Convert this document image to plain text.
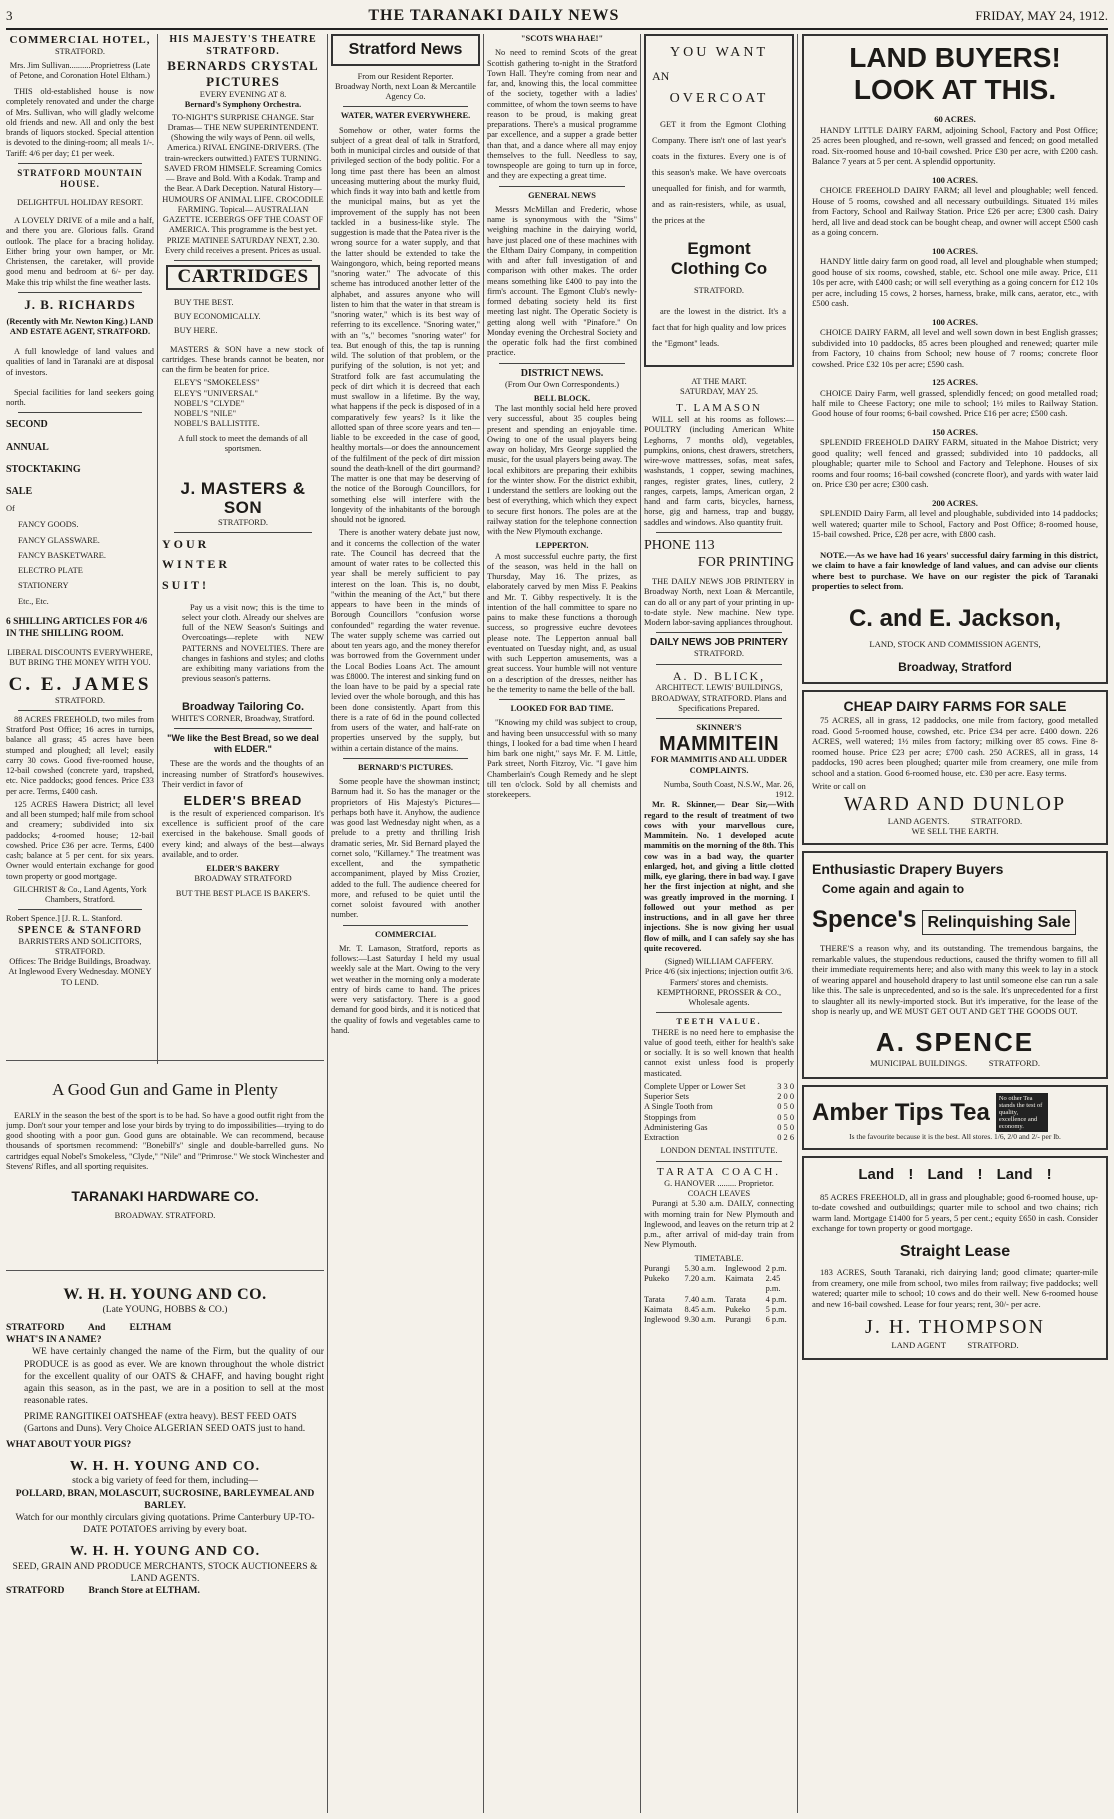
3	THE TARANAKI DAILY NEWS	FRIDAY, MAY 24, 1912.
COMMERCIAL HOTEL,
STRATFORD.
Mrs. Jim Sullivan..........Proprietress (Late of Petone, and Coronation Hotel Eltham.)
THIS old-established house is now completely renovated and under the charge of Mrs. Sullivan, who will gladly welcome old friends and new. All and only the best brands of liquors stocked. Special attention is devoted to the dining-room; all meals 1/-. Tariff: 4/6 per day; £1 per week.
STRATFORD MOUNTAIN HOUSE.
DELIGHTFUL HOLIDAY RESORT.
A LOVELY DRIVE of a mile and a half, and there you are. Glorious falls. Grand outlook. The place for a bracing holiday. Either bring your own hamper, or Mr. Christensen, the caretaker, will provide good menu and bedroom at 6/- per day. Make this trip whilst the fine weather lasts.
J. B. RICHARDS
(Recently with Mr. Newton King.) LAND AND ESTATE AGENT, STRATFORD.
A full knowledge of land values and qualities of land in Taranaki are at disposal of investors.
Special facilities for land seekers going north.
SECOND
ANNUAL
STOCKTAKING
SALE
Of
FANCY GOODS.
FANCY GLASSWARE.
FANCY BASKETWARE.
ELECTRO PLATE
STATIONERY
Etc., Etc.
6 SHILLING ARTICLES FOR 4/6 IN THE SHILLING ROOM.
LIBERAL DISCOUNTS EVERYWHERE, BUT BRING THE MONEY WITH YOU.
C. E. JAMES
STRATFORD.
88 ACRES FREEHOLD, two miles from Stratford Post Office; 16 acres in turnips, balance all grass; 45 acres have been stumped and ploughed; all level; easily carry 30 cows. Good five-roomed house, 12-bail cowshed (concrete yard, trapshed, etc. Nice paddocks; good fences. Price £33 per acre. Terms, £400 cash.
125 ACRES Hawera District; all level and all been stumped; half mile from school and creamery; subdivided into six paddocks; 4-roomed house; 12-bail cowshed. Price £36 per acre. Terms, £400 cash; balance at 5 per cent. for six years. Owner would entertain exchange for good town property or good mortgage.
GILCHRIST & Co., Land Agents, York Chambers, Stratford.
Robert Spence.] [J. R. L. Stanford.
SPENCE & STANFORD
BARRISTERS AND SOLICITORS, STRATFORD.
Offices: The Bridge Buildings, Broadway. At Inglewood Every Wednesday. MONEY TO LEND.
HIS MAJESTY'S THEATRE STRATFORD.
BERNARDS CRYSTAL PICTURES
EVERY EVENING AT 8.
Bernard's Symphony Orchestra.
TO-NIGHT'S SURPRISE CHANGE. Star Dramas— THE NEW SUPERINTENDENT. (Showing the wily ways of Penn. oil wells, America.) RIVAL ENGINE-DRIVERS. (The train-wreckers outwitted.) FATE'S TURNING. SAVED FROM HIMSELF. Screaming Comics— Brave and Bold. With a Kodak. Tramp and the Bear. A Dark Deception. Natural History— HUMOURS OF ANIMAL LIFE. CROCODILE FARMING. Topical— AUSTRALIAN GAZETTE. ICEBERGS OFF THE COAST OF AMERICA. This programme is the best yet. PRIZE MATINEE SATURDAY NEXT, 2.30. Every child receives a present. Prices as usual.
CARTRIDGES
BUY THE BEST.
BUY ECONOMICALLY.
BUY HERE.
MASTERS & SON have a new stock of cartridges. These brands cannot be beaten, nor can the firm be beaten for price.
ELEY'S "SMOKELESS"
ELEY'S "UNIVERSAL"
NOBEL'S "CLYDE"
NOBEL'S "NILE"
NOBEL'S BALLISTITE.
A full stock to meet the demands of all sportsmen.
J. MASTERS & SON
STRATFORD.
YOUR
WINTER
SUIT!
Pay us a visit now; this is the time to select your cloth. Already our shelves are full of the NEW Season's Suitings and Overcoatings—replete with NEW PATTERNS and NOVELTIES. There are changes in fashions and styles; and cloths are exhibiting many variations from the previous season's patterns.
Broadway Tailoring Co.
WHITE'S CORNER, Broadway, Stratford.
"We like the Best Bread, so we deal with ELDER."
These are the words and the thoughts of an increasing number of Stratford's housewives. Their verdict in favor of
ELDER'S BREAD
is the result of experienced comparison. It's excellence is sufficient proof of the care exercised in the bakehouse. Small goods of every kind; and always of the best—always available, and to order.
ELDER'S BAKERY
BROADWAY STRATFORD
BUT THE BEST PLACE IS BAKER'S.
A Good Gun and Game in Plenty
EARLY in the season the best of the sport is to be had. So have a good outfit right from the jump. Don't sour your temper and lose your birds by trying to do impossibilities—trying to do good shooting with a poor gun. Good guns are obtainable. We can recommend, because thousands of sportsmen recommend: "Bonebill's" single and double-barrelled guns. No cartridges equal Nobel's Smokeless, "Clyde," "Nile" and "Primrose." We stock Winchester and Stevens' Rifles, and all sporting requisites.
TARANAKI HARDWARE CO.
BROADWAY. STRATFORD.
W. H. H. YOUNG AND CO.
(Late YOUNG, HOBBS & CO.)
STRATFORD          And          ELTHAM
WHAT'S IN A NAME?
WE have certainly changed the name of the Firm, but the quality of our PRODUCE is as good as ever. We are known throughout the whole district for the excellent quality of our OATS & CHAFF, and having bought right again this season, as in the past, we are in a position to sell at the most reasonable rates.
PRIME RANGITIKEI OATSHEAF (extra heavy). BEST FEED OATS (Gartons and Duns). Very Choice ALGERIAN SEED OATS just to hand.
WHAT ABOUT YOUR PIGS?
W. H. H. YOUNG AND CO.
stock a big variety of feed for them, including—
POLLARD, BRAN, MOLASCUIT, SUCROSINE, BARLEYMEAL AND BARLEY.
Watch for our monthly circulars giving quotations. Prime Canterbury UP-TO-DATE POTATOES arriving by every boat.
W. H. H. YOUNG AND CO.
SEED, GRAIN AND PRODUCE MERCHANTS, STOCK AUCTIONEERS & LAND AGENTS.
STRATFORD          Branch Store at ELTHAM.
Stratford News
From our Resident Reporter.
Broadway North, next Loan & Mercantile Agency Co.
WATER, WATER EVERYWHERE.
Somehow or other, water forms the subject of a great deal of talk in Stratford, both in municipal circles and outside of that privileged section of the body politic. For a long time past there has been an almost unceasing muttering about the murky fluid, which finds it way into bath and kettle from the municipal mains, but as yet the improvement of the supply has not been tackled in a business-like style. The suggestion is made that the Patea river is the wrong source for a water supply, and that the latter should be extended to take the Waingongoro, which, being reported means "snoring water." The advocate of this scheme has introduced another letter of the alphabet, and assures anyone who will listen to him that the water in that stream is "snoring water," which is its best way of referring to its excellence. "Snoring water," with an "s," becomes "snoring water" for tea. But enough of this, the tap is running wild. The solution of that problem, or the purifying of the solution, is not yet; and Stratford folk are fast accumulating the peck of dirt which it is decreed that each must swallow in a lifetime. By the way, what happens if the peck is disposed of in a comparatively few years? Is it like the allotted span of three score years and ten—liable to be exceeded in the case of good, healthy mortals—or does the announcement of the fulfilment of the peck of dirt mission sound the death-knell of the dirt gourmand? The matter is one that may be deserving of the notice of the Borough Councillors, for something else will interfere with the longevity of the inhabitants of the borough should not be ignored.
There is another watery debate just now, and it concerns the collection of the water rate. The Council has decreed that the amount of water rates to be collected this year shall be merely sufficient to pay interest on the loan. This is, no doubt, "within the meaning of the Act," but there appears to have been in the minds of Borough Councillors "confusion worse confounded" regarding the water revenue. The water supply scheme was carried out about ten years ago, and the money therefor was borrowed from the Government under the Local Bodies Loans Act. The amount was £8000. The interest and sinking fund on the loan have to be paid by a special rate levied over the whole borough, and this has been done consistently. Apart from this there is a rate of 6d in the pound collected from users of the water, and half-rate on properties unserved by the supply, but within a certain distance of the mains.
BERNARD'S PICTURES.
Some people have the showman instinct; Barnum had it. So has the manager or the proprietors of His Majesty's Pictures—perhaps both have it. Anyhow, the audience was good last Wednesday night when, as a prelude to a pretty and thrilling Irish dramatic series, Mr. Sid Bernard played the cornet solo, "Killarney." The treatment was excellent, and the sympathetic accompaniment, played by Miss Crozier, added to the full. The audience cheered for more, and refused to be quiet until the cornet soloist favoured with another number.
COMMERCIAL
Mr. T. Lamason, Stratford, reports as follows:—Last Saturday I held my usual weekly sale at the Mart. Owing to the very wet weather in the morning only a moderate entry of birds came to hand. The prices were very satisfactory. There is a good demand for good birds, and it is noticed that the quality of fowls and vegetables came to hand.
"SCOTS WHA HAE!"
No need to remind Scots of the great Scottish gathering to-night in the Stratford Town Hall. They're coming from near and far, and, knowing this, the local committee of the society, together with a ladies' committee, of whom the town seems to have reason to be proud, is making great preparations. There's a musical programme par excellence, and a supper a grade better than that, and a dance where all may enjoy themselves to the full. Needless to say, townspeople are going to turn up in force, and they are expecting a great time.
GENERAL NEWS
Messrs McMillan and Frederic, whose name is synonymous with the "Sims" weighing machine in the dairying world, have just placed one of these machines with the Eltham Dairy Company, in competition with and after full investigation of and comparison with other makes. The order means something like £400 to pay into the firm's account. The Egmont Club's newly-formed debating society held its first meeting last night. The Operatic Society is getting along well with "Pinafore." On Monday evening the Orchestral Society and the operatic folk had the first combined practice.
DISTRICT NEWS.
(From Our Own Correspondents.)
BELL BLOCK.
The last monthly social held here proved very successful, about 35 couples being present and spending an enjoyable time. Owing to one of the usual players being away on holiday, Mrs George supplied the music, for the usual players being away. The local exhibitors are preparing their exhibits for the winter show. For the district exhibit, I understand the settlers are looking out the best of everything, which which they expect to secure first honors. The poles are at the railway station for the telephone connection with the New Plymouth exchange.
LEPPERTON.
A most successful euchre party, the first of the season, was held in the hall on Thursday, May 16. The prizes, as elaborately carved by men Miss F. Peakins and Mr. T. Gibby respectively. It is the intention of the hall committee to spare no pains to make these functions a thorough success, so progressive euchre devotees please note. The Lepperton annual ball eventuated on Tuesday night, and, as usual with such Lepperton amusements, was a great success. Your humble will not venture on a description of the dresses, neither has he the temerity to name the belle of the ball.
LOOKED FOR BAD TIME.
"Knowing my child was subject to croup, and having been unsuccessful with so many things, I looked for a bad time when I heard him bark one night," says Mr. F. M. Little, Park street, North Fitzroy, Vic. "I gave him Chamberlain's Cough Remedy and he slept till ten o'clock. Sold by all chemists and storekeepers.
YOU WANT
AN
OVERCOAT
GET it from the Egmont Clothing Company. There isn't one of last year's coats in the fixtures. Every one is of this season's make. We have overcoats unequalled for finish, and for warmth, and as rain-resisters, while, as usual, the prices at the
Egmont Clothing Co
STRATFORD.
are the lowest in the district. It's a fact that for high quality and low prices the "Egmont" leads.
AT THE MART.
SATURDAY, MAY 25.
T. LAMASON
WILL sell at his rooms as follows:—POULTRY (including American White Leghorns, 7 months old), vegetables, pumpkins, onions, chest drawers, stretchers, wire-wove mattresses, sofas, meat safes, washstands, 1 copper, sewing machines, ranges, register grates, lines, cutlery, 2 ranges, carpets, lamps, American organ, 2 hand and farm carts, bicycles, harness, horse, gig and harness, trap and buggy, saddles and windows. Also quantity fruit.
PHONE 113
FOR PRINTING
THE DAILY NEWS JOB PRINTERY in Broadway North, next Loan & Mercantile, can do all or any part of your printing in up-to-date style. New machine. New type. Modern labor-saving appliances throughout.
DAILY NEWS JOB PRINTERY
STRATFORD.
A. D. BLICK,
ARCHITECT. LEWIS' BUILDINGS, BROADWAY, STRATFORD. Plans and Specifications Prepared.
SKINNER'S
MAMMITEIN
FOR MAMMITIS AND ALL UDDER COMPLAINTS.
Numba, South Coast, N.S.W., Mar. 26, 1912.
Mr. R. Skinner,— Dear Sir,—With regard to the result of treatment of two cows with your marvellous cure, Mammitein. No. 1 developed acute mammitis on the morning of the 8th. This cow was in a bad way, the quarter enlarged, hot, and giving a little clotted milk, eye glaring, there in bad way. I gave her the first injection at night, and she was greatly improved in the morning. I followed out your method as per instructions, and in all gave her three injections. She is now giving her usual flow of milk, and I can safely say she has quite recovered.
(Signed) WILLIAM CAFFERY.
Price 4/6 (six injections; injection outfit 3/6. Farmers' stores and chemists. KEMPTHORNE, PROSSER & CO., Wholesale agents.
TEETH VALUE.
THERE is no need here to emphasise the value of good teeth, either for health's sake or socially. It is so well known that health cannot exist unless food is properly masticated.
Complete Upper or Lower Set	3 3 0
Superior Sets	2 0 0
A Single Tooth from	0 5 0
Stoppings from	0 5 0
Administering Gas	0 5 0
Extraction	0 2 6
LONDON DENTAL INSTITUTE.
TARATA COACH.
G. HANOVER ......... Proprietor.
COACH LEAVES
Purangi at 5.30 a.m. DAILY, connecting with morning train for New Plymouth and Inglewood, and leaves on the return trip at 2 p.m., after arrival of mid-day train from New Plymouth.
TIMETABLE.
Purangi	5.30 a.m.	Inglewood 2 p.m.
Pukeko	7.20 a.m.	Kaimata	2.45 p.m.
Tarata	7.40 a.m.	Tarata	4 p.m.
Kaimata	8.45 a.m.	Pukeko	5 p.m.
Inglewood 9.30 a.m.	Purangi	6 p.m.
LAND BUYERS!
LOOK AT THIS.
60 ACRES.
HANDY LITTLE DAIRY FARM, adjoining School, Factory and Post Office; 25 acres been ploughed, and re-sown, well grassed and fenced; on good metalled road. Six-roomed house and 10-bail cowshed. Price £30 per acre, with £200 cash. Balance 7 years at 5 per cent. A splendid opportunity.
100 ACRES.
CHOICE FREEHOLD DAIRY FARM; all level and ploughable; well fenced. House of 5 rooms, cowshed and all necessary outbuildings. Situated 1½ miles from Factory, School and Railway Station. Price £26 per acre; £300 cash. Dairy herd, all live and dead stock can be bought cheap, and owner will accept £500 cash as a going concern.
100 ACRES.
HANDY little dairy farm on good road, all level and ploughable when stumped; good house of six rooms, cowshed, stable, etc. School one mile away. Price, £11 10s per acre, with £400 cash; or will sell everything as a going concern for £12 10s per acre, including 15 cows, 2 horses, harness, brake, milk cans, aerator, etc., with £500 cash.
100 ACRES.
CHOICE DAIRY FARM, all level and well sown down in best English grasses; subdivided into 10 paddocks, 85 acres been ploughed and renewed; quarter mile from Factory, 10 chains from School; new house of 7 rooms; concrete floor cowshed. Price £32 10s per acre; £590 cash.
125 ACRES.
CHOICE Dairy Farm, well grassed, splendidly fenced; on good metalled road; half mile to Cheese Factory; one mile to school; 1½ miles to Railway Station. Good house of four rooms; 6-bail cowshed. Price £16 per acre; £500 cash.
150 ACRES.
SPLENDID FREEHOLD DAIRY FARM, situated in the Mahoe District; very good quality; well fenced and grassed; subdivided into 10 paddocks, all ploughable; quarter mile to School and Factory and Telephone. Houses of six rooms and four rooms; 16-bail cowshed (concrete floor), and yards with water laid on. Price £30 per acre; £300 cash.
200 ACRES.
SPLENDID Dairy Farm, all level and ploughable, subdivided into 14 paddocks; well watered; quarter mile to School, Factory and Post Office; 8-roomed house, 15-bail cowshed. Price, £28 per acre, with £800 cash.
NOTE.—As we have had 16 years' successful dairy farming in this district, we claim to have a fair knowledge of land values, and can advise our clients where best to purchase. We have on our register the pick of Taranaki properties to select from.
C. and E. Jackson,
LAND, STOCK AND COMMISSION AGENTS,
Broadway, Stratford
CHEAP DAIRY FARMS FOR SALE
75 ACRES, all in grass, 12 paddocks, one mile from factory, good metalled road. Good 5-roomed house, cowshed, etc. Price £34 per acre. £400 down. 226 ACRES, well watered; 1½ miles from factory; milking over 85 cows. Fine 8-roomed house. Price £23 per acre; £700 cash. 250 ACRES, all in grass, 14 paddocks, 190 acres been ploughed; quarter mile from creamery, one mile from school and a station. Good 6-roomed house, etc. £30 per acre. Easy terms.
Write or call on
WARD AND DUNLOP
LAND AGENTS.          STRATFORD.
WE SELL THE EARTH.
Enthusiastic Drapery Buyers
Come again and again to
Spence's Relinquishing Sale
THERE'S a reason why, and its outstanding. The tremendous bargains, the remarkable values, the stupendous reductions, caused the thrifty women to fill all their immediate requirements here; and also with many this week to lay in a stock of wearing apparel and household drapery to last until someone else can run a sale like this. The sale is unprecedented, and so is the sale. It's unprecedented for a first to slaughter all its newly-imported stock. But it's imperative, for the lease of the shop is nearly up, and WE MUST GET OUT AND GET THE GOODS OUT.
A. SPENCE
MUNICIPAL BUILDINGS.          STRATFORD.
Amber Tips Tea
No other Tea stands the test of quality, excellence and economy.
Is the favourite because it is the best. All stores. 1/6, 2/0 and 2/- per lb.
Land ! Land ! Land !
85 ACRES FREEHOLD, all in grass and ploughable; good 6-roomed house, up-to-date cowshed and outbuildings; quarter mile to school and two chains; rich warm land. Mortgage £1400 for 5 years, 5 per cent.; equity £650 in cash. Consider exchange for town property or good mortgage.
Straight Lease
183 ACRES, South Taranaki, rich dairying land; good climate; quarter-mile from creamery, one mile from school, two miles from railway; five paddocks; well watered; quarter mile to school; 10 cows and do their well. New 6-roomed house and new 16-bail cowshed. Lease for four years; rent, 30/- per acre.
J. H. THOMPSON
LAND AGENT          STRATFORD.
